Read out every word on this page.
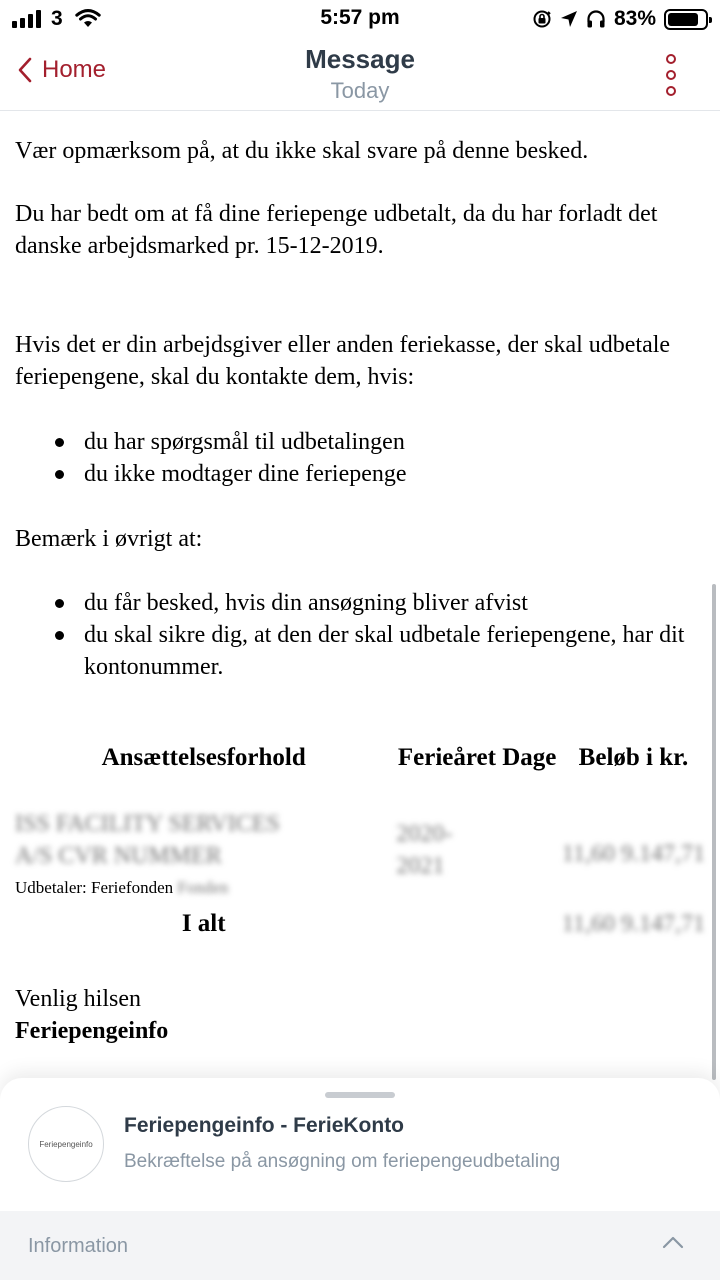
3	5:57 pm	83%
Home	Message
Today

Vær opmærksom på, at du ikke skal svare på denne besked.

Du har bedt om at få dine feriepenge udbetalt, da du har forladt det danske arbejdsmarked pr. 15-12-2019.

Hvis det er din arbejdsgiver eller anden feriekasse, der skal udbetale feriepengene, skal du kontakte dem, hvis:

du har spørgsmål til udbetalingen
du ikke modtager dine feriepenge

Bemærk i øvrigt at:

du får besked, hvis din ansøgning bliver afvist
du skal sikre dig, at den der skal udbetale feriepengene, har dit kontonummer.
Ansættelsesforhold	Ferieåret Dage	Beløb i kr.

ISS FACILITY SERVICES
A/S CVR NUMMER
Udbetaler: Feriefonden Fonden	2020-2021	11,60 9.147,71
I alt		11,60 9.147,71
Venlig hilsen
Feriepengeinfo
Feriepengeinfo
Feriepengeinfo - FerieKonto
Bekræftelse på ansøgning om feriepengeudbetaling
Information
